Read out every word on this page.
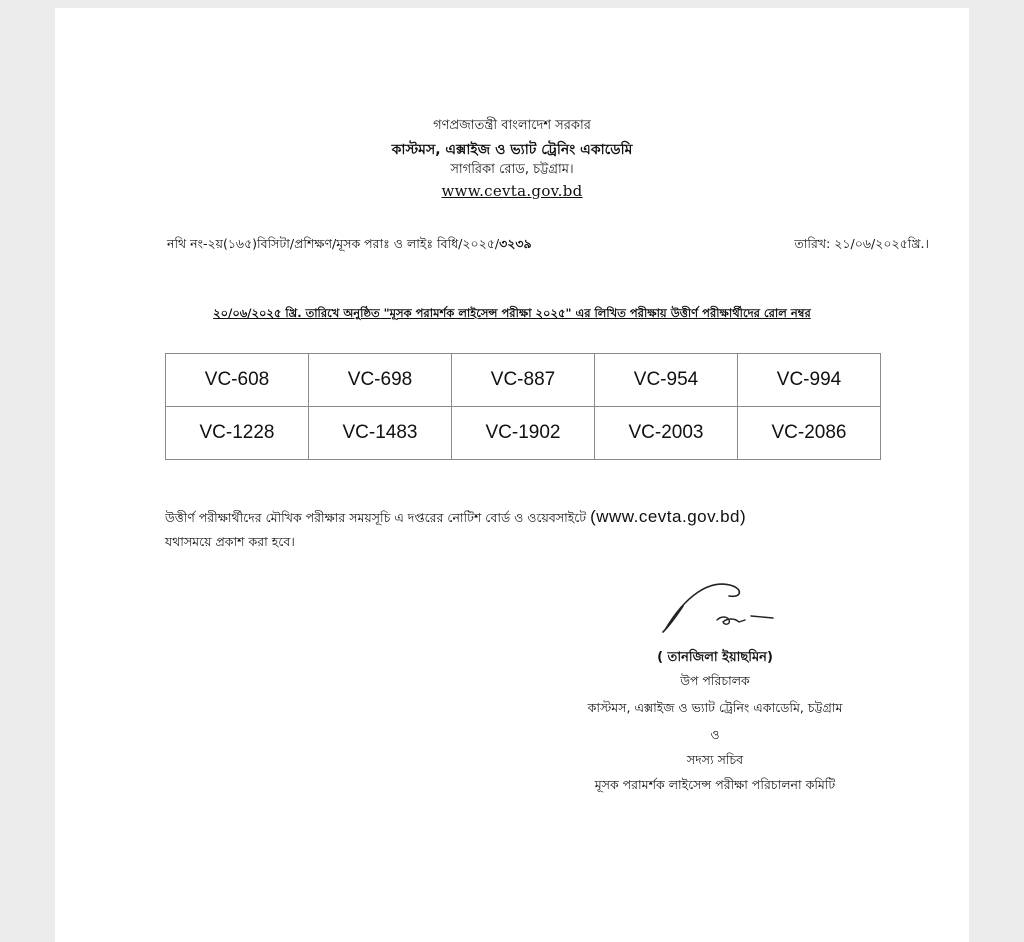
গণপ্রজাতন্ত্রী বাংলাদেশ সরকার
কাস্টমস, এক্সাইজ ও ভ্যাট ট্রেনিং একাডেমি
সাগরিকা রোড, চট্টগ্রাম।
www.cevta.gov.bd
নথি নং-২য়(১৬৫)বিসিটা/প্রশিক্ষণ/মূসক পরাঃ ও লাইঃ বিধি/২০২৫/৩২৩৯	তারিখ: ২১/০৬/২০২৫খ্রি.।
২০/০৬/২০২৫ খ্রি. তারিখে অনুষ্ঠিত "মূসক পরামর্শক লাইসেন্স পরীক্ষা ২০২৫" এর লিখিত পরীক্ষায় উত্তীর্ণ পরীক্ষার্থীদের রোল নম্বর
VC-608	VC-698	VC-887	VC-954	VC-994
VC-1228	VC-1483	VC-1902	VC-2003	VC-2086
উত্তীর্ণ পরীক্ষার্থীদের মৌখিক পরীক্ষার সময়সূচি এ দপ্তরের নোটিশ বোর্ড ও ওয়েবসাইটে (www.cevta.gov.bd)
যথাসময়ে প্রকাশ করা হবে।
( তানজিলা ইয়াছমিন)
উপ পরিচালক
কাস্টমস, এক্সাইজ ও ভ্যাট ট্রেনিং একাডেমি, চট্টগ্রাম
ও
সদস্য সচিব
মূসক পরামর্শক লাইসেন্স পরীক্ষা পরিচালনা কমিটি
